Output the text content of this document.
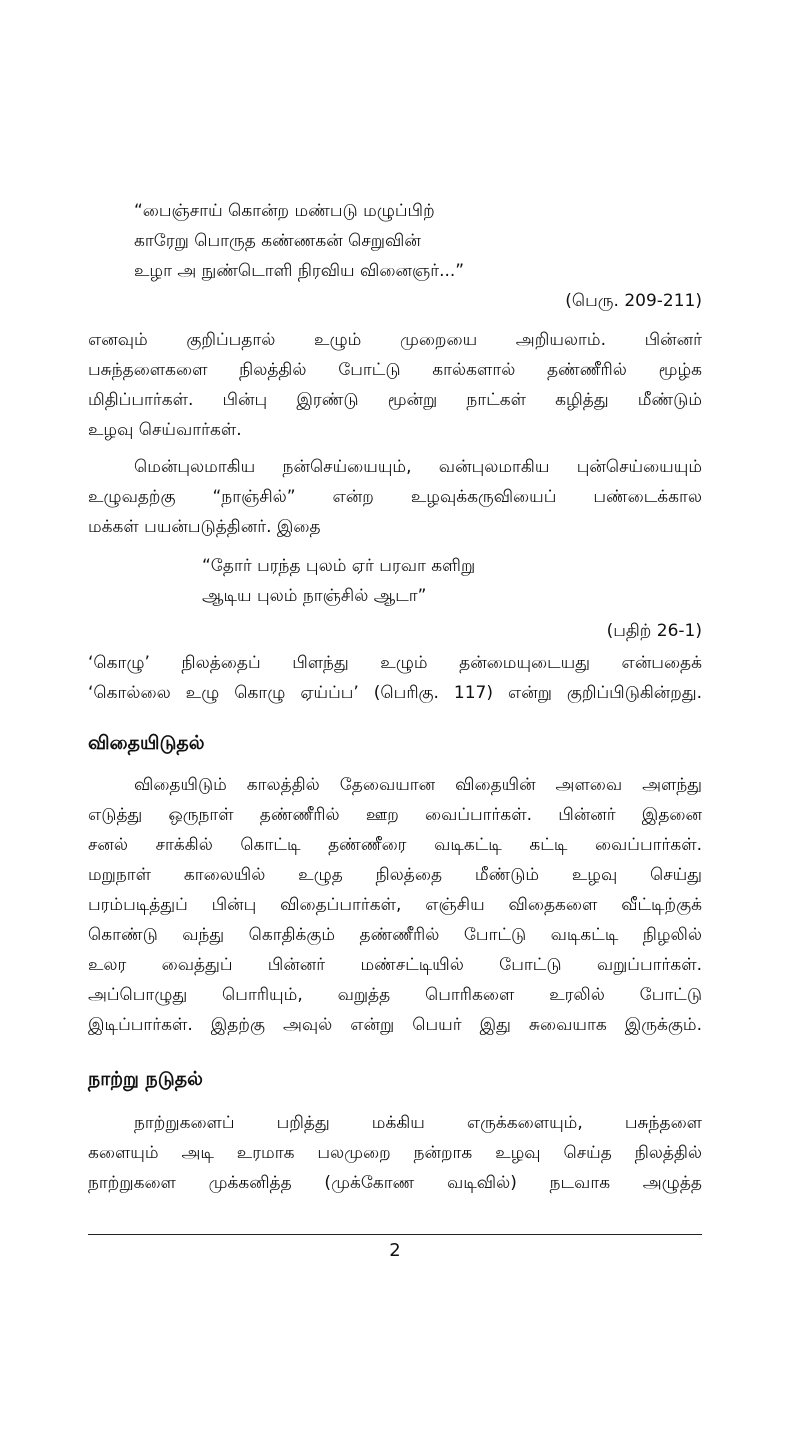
“பைஞ்சாய் கொன்ற மண்படு மழுப்பிற்
காரேறு பொருத கண்ணகன் செறுவின்
உழா அ நுண்டொளி நிரவிய வினைஞர்...”
(பெரு. 209-211)
எனவும் குறிப்பதால் உழும் முறையை அறியலாம். பின்னர்
பசுந்தளைகளை நிலத்தில் போட்டு கால்களால் தண்ணீரில் மூழ்க
மிதிப்பார்கள். பின்பு இரண்டு மூன்று நாட்கள் கழித்து மீண்டும்
உழவு செய்வார்கள்.
மென்புலமாகிய நன்செய்யையும், வன்புலமாகிய புன்செய்யையும்
உழுவதற்கு “நாஞ்சில்” என்ற உழவுக்கருவியைப் பண்டைக்கால
மக்கள் பயன்படுத்தினர். இதை
“தோர் பரந்த புலம் ஏர் பரவா களிறு
ஆடிய புலம் நாஞ்சில் ஆடா”
(பதிற் 26-1)
‘கொழு’ நிலத்தைப் பிளந்து உழும் தன்மையுடையது என்பதைக்
‘கொல்லை உழு கொழு ஏய்ப்ப’ (பெரிகு. 117) என்று குறிப்பிடுகின்றது.
விதையிடுதல்
விதையிடும் காலத்தில் தேவையான விதையின் அளவை அளந்து
எடுத்து ஒருநாள் தண்ணீரில் ஊற வைப்பார்கள். பின்னர் இதனை
சனல் சாக்கில் கொட்டி தண்ணீரை வடிகட்டி கட்டி வைப்பார்கள்.
மறுநாள் காலையில் உழுத நிலத்தை மீண்டும் உழவு செய்து
பரம்படித்துப் பின்பு விதைப்பார்கள், எஞ்சிய விதைகளை வீட்டிற்குக்
கொண்டு வந்து கொதிக்கும் தண்ணீரில் போட்டு வடிகட்டி நிழலில்
உலர வைத்துப் பின்னர் மண்சட்டியில் போட்டு வறுப்பார்கள்.
அப்பொழுது பொரியும், வறுத்த பொரிகளை உரலில் போட்டு
இடிப்பார்கள். இதற்கு அவுல் என்று பெயர் இது சுவையாக இருக்கும்.
நாற்று நடுதல்
நாற்றுகளைப் பறித்து மக்கிய எருக்களையும், பசுந்தளை
களையும் அடி உரமாக பலமுறை நன்றாக உழவு செய்த நிலத்தில்
நாற்றுகளை முக்கனித்த (முக்கோண வடிவில்) நடவாக அழுத்த
2
